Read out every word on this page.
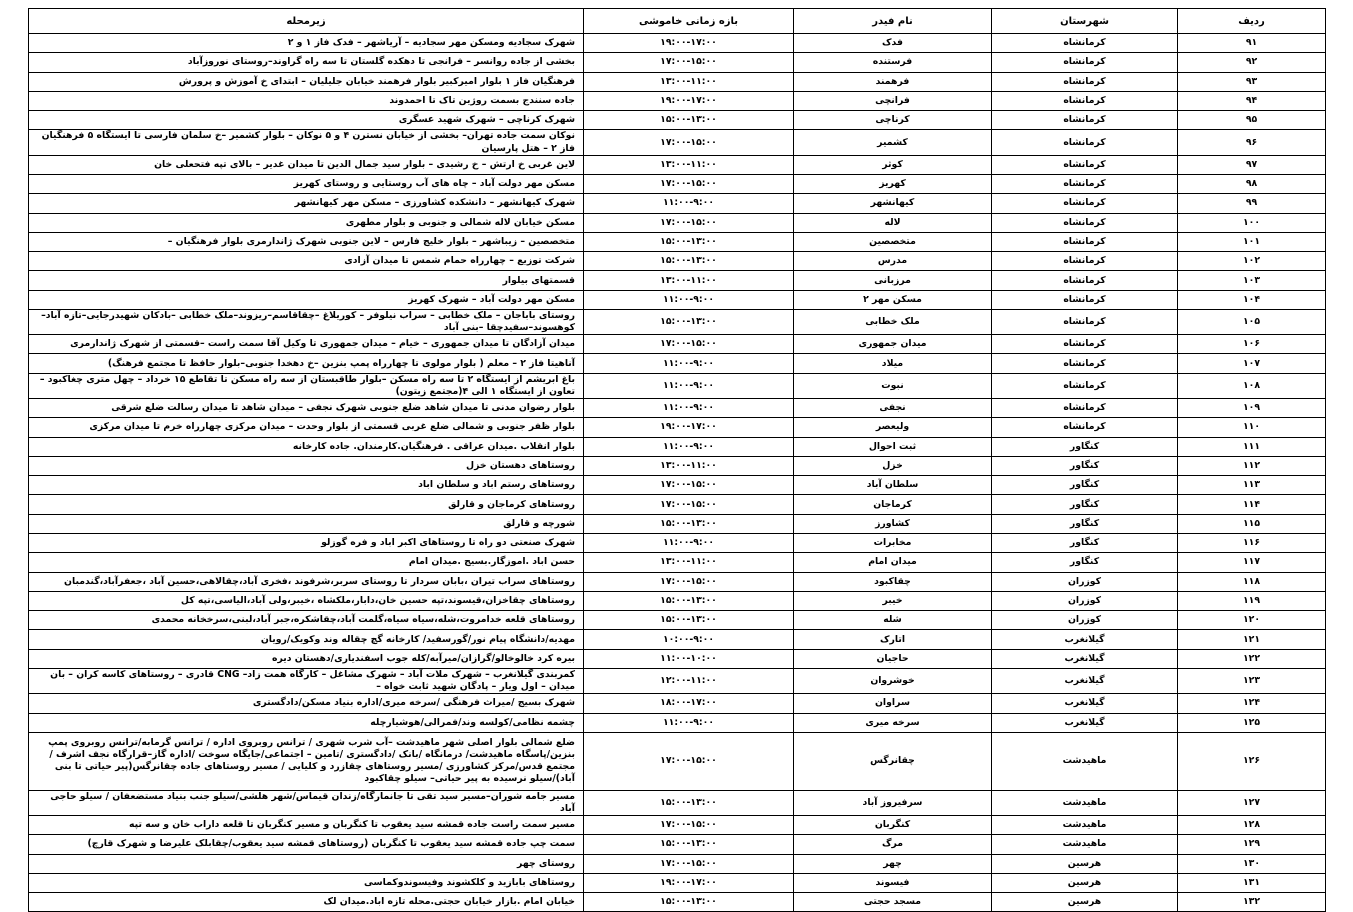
ردیف	شهرستان	نام فیدر	بازه زمانی خاموشی	زیرمحله
۹۱	کرمانشاه	فدک	۱۹:۰۰-۱۷:۰۰	شهرک سجادیه ومسکن مهر سجادیه – آریاشهر – فدک فاز ۱ و ۲
۹۲	کرمانشاه	فرستنده	۱۷:۰۰-۱۵:۰۰	بخشی از جاده روانسر – فرانجی تا دهکده گلستان تا سه راه گراوند–روستای نوروزآباد
۹۳	کرمانشاه	فرهمند	۱۳:۰۰-۱۱:۰۰	فرهنگیان فاز ۱ بلوار امیرکبیر بلوار فرهمند خیابان جلیلیان – ابتدای خ آموزش و پرورش
۹۴	کرمانشاه	فرانچی	۱۹:۰۰-۱۷:۰۰	جاده سنندج بسمت روژین تاک تا احمدوند
۹۵	کرمانشاه	کرناچی	۱۵:۰۰-۱۳:۰۰	شهرک کرناچی – شهرک شهید عسگری
۹۶	کرمانشاه	کشمیر	۱۷:۰۰-۱۵:۰۰	نوکان سمت جاده تهران– بخشی از خیابان نسترن ۴ و ۵ نوکان – بلوار کشمیر –خ سلمان فارسی تا ایستگاه ۵ فرهنگیان فاز ۲ – هتل پارسیان
۹۷	کرمانشاه	کوثر	۱۳:۰۰-۱۱:۰۰	لاین غربی خ ارتش – خ رشیدی – بلوار سید جمال الدین تا میدان غدیر – بالای تپه فتحعلی خان
۹۸	کرمانشاه	کهریز	۱۷:۰۰-۱۵:۰۰	مسکن مهر دولت آباد – چاه های آب روستایی و روستای کهریز
۹۹	کرمانشاه	کیهانشهر	۱۱:۰۰-۹:۰۰	شهرک کیهانشهر – دانشکده کشاورزی – مسکن مهر کیهانشهر
۱۰۰	کرمانشاه	لاله	۱۷:۰۰-۱۵:۰۰	مسکن خیابان لاله شمالی و جنوبی و بلوار مطهری
۱۰۱	کرمانشاه	متخصصین	۱۵:۰۰-۱۳:۰۰	متخصصین – زیباشهر – بلوار خلیج فارس – لاین جنوبی شهرک ژاندارمری بلوار فرهنگیان –
۱۰۲	کرمانشاه	مدرس	۱۵:۰۰-۱۳:۰۰	شرکت توزیع – چهارراه حمام شمس تا میدان آزادی
۱۰۳	کرمانشاه	مرزبانی	۱۳:۰۰-۱۱:۰۰	قسمتهای بیلوار
۱۰۴	کرمانشاه	مسکن مهر ۲	۱۱:۰۰-۹:۰۰	مسکن مهر دولت آباد – شهرک کهریز
۱۰۵	کرمانشاه	ملک خطابی	۱۵:۰۰-۱۳:۰۰	روستای باباجان – ملک خطابی – سراب نیلوفر – کوریلاغ –چقاقاسم–ریزوند–ملک خطابی –بادکان شهیدرجایی–تازه آباد–کوهسوند–سفیدچقا –بنی آباد
۱۰۶	کرمانشاه	میدان جمهوری	۱۷:۰۰-۱۵:۰۰	میدان آزادگان تا میدان جمهوری – خیام – میدان جمهوری تا وکیل آقا سمت راست –قسمتی از شهرک ژاندارمری
۱۰۷	کرمانشاه	میلاد	۱۱:۰۰-۹:۰۰	آناهیتا فاز ۲ – معلم ( بلوار مولوی تا چهارراه پمپ بنزین –خ دهخدا جنوبی–بلوار حافظ تا مجتمع فرهنگ)
۱۰۸	کرمانشاه	نبوت	۱۱:۰۰-۹:۰۰	باغ ابریشم از ایستگاه ۲ تا سه راه مسکن –بلوار طاقبستان از سه راه مسکن تا تقاطع ۱۵ خرداد – چهل متری چغاکبود –تعاون از ایستگاه ۱ الی ۴(مجتمع زیتون)
۱۰۹	کرمانشاه	نجفی	۱۱:۰۰-۹:۰۰	بلوار رضوان مدنی تا میدان شاهد ضلع جنوبی شهرک نجفی – میدان شاهد تا میدان رسالت ضلع شرقی
۱۱۰	کرمانشاه	ولیعصر	۱۹:۰۰-۱۷:۰۰	بلوار ظفر جنوبی و شمالی ضلع غربی قسمتی از بلوار وحدت – میدان مرکزی چهارراه خرم تا میدان مرکزی
۱۱۱	کنگاور	ثبت احوال	۱۱:۰۰-۹:۰۰	بلوار انقلاب .میدان عراقی . فرهنگیان.کارمندان. جاده کارخانه
۱۱۲	کنگاور	خزل	۱۳:۰۰-۱۱:۰۰	روستاهای دهستان خزل
۱۱۳	کنگاور	سلطان آباد	۱۷:۰۰-۱۵:۰۰	روستاهای رستم اباد و سلطان اباد
۱۱۴	کنگاور	کرماجان	۱۷:۰۰-۱۵:۰۰	روستاهای کرماجان و قارلق
۱۱۵	کنگاور	کشاورز	۱۵:۰۰-۱۳:۰۰	شورچه و قارلق
۱۱۶	کنگاور	مخابرات	۱۱:۰۰-۹:۰۰	شهرک صنعتی دو راه تا روستاهای اکبر اباد و فره گوزلو
۱۱۷	کنگاور	میدان امام	۱۳:۰۰-۱۱:۰۰	حسن اباد .اموزگار.بسیج .میدان امام
۱۱۸	کوزران	چقاکبود	۱۷:۰۰-۱۵:۰۰	روستاهای سراب تیران ،بابان سردار تا روستای سربر،شرفوند ،فخری آباد،چقالاهی،حسین آباد ،جعفرآباد،گندمبان
۱۱۹	کوزران	خیبر	۱۵:۰۰-۱۳:۰۰	روستاهای چقاخزان،قیسوند،تپه حسین خان،دابار،ملکشاه ،خیبر،ولی آباد،الیاسی،تپه کل
۱۲۰	کوزران	شله	۱۵:۰۰-۱۳:۰۰	روستاهای قلعه خدامروت،شله،سیاه سیاه،گلمت آباد،چقاشکره،جبر آباد،لبنی،سرخخانه محمدی
۱۲۱	گیلانغرب	اتارک	۱۰:۰۰-۹:۰۰	مهدیه/دانشگاه پیام نور/گورسفید/ کارخانه گچ چقاله وند وکویک/رویان
۱۲۲	گیلانغرب	حاجیان	۱۱:۰۰-۱۰:۰۰	بیره کرد خالوخالو/گرازان/میرآبه/کله جوب اسفندیاری/دهستان دیره
۱۲۳	گیلانغرب	خوشروان	۱۲:۰۰-۱۱:۰۰	کمربندی گیلانغرب – شهرک ملات آباد – شهرک مشاغل – کارگاه همت زاد– CNG قادری – روستاهای کاسه کران – بان میدان – اول ویار – پادگان شهید ثابت خواه –
۱۲۴	گیلانغرب	سراوان	۱۸:۰۰-۱۷:۰۰	شهرک بسیج /میراث فرهنگی /سرخه میری/اداره بنیاد مسکن/دادگستری
۱۲۵	گیلانغرب	سرخه میری	۱۱:۰۰-۹:۰۰	چشمه نظامی/کولسه وند/فمرالی/هوشیارچله
۱۲۶	ماهیدشت	چقانرگس	۱۷:۰۰-۱۵:۰۰	ضلع شمالی بلوار اصلی شهر ماهیدشت –آب شرب شهری / ترانس روبروی اداره / ترانس گرمابه/ترانس روبروی پمپ بنزین/پاسگاه ماهیدشت/ درمانگاه /بانک /دادگستری /تامین – اجتماعی/جایگاه سوخت /اداره گاز–قرارگاه نجف اشرف /مجتمع قدس/مرکز کشاورزی /مسیر روستاهای چقازرد و کلیایی / مسیر روستاهای جاده چقانرگس(پیر حیاتی تا بنی آباد)/سیلو نرسیده به پیر حیاتی– سیلو چقاکبود
۱۲۷	ماهیدشت	سرفیروز آباد	۱۵:۰۰-۱۳:۰۰	مسیر جامه شوران–مسیر سید تقی تا جانمارگاه/زندان قیماس/شهر هلشی/سیلو جنب بنیاد مستضعفان / سیلو حاجی آباد
۱۲۸	ماهیدشت	کنگربان	۱۷:۰۰-۱۵:۰۰	مسیر سمت راست جاده قمشه سید یعقوب تا کنگربان و مسیر کنگربان تا قلعه داراب خان و سه تپه
۱۲۹	ماهیدشت	مرگ	۱۵:۰۰-۱۳:۰۰	سمت چپ جاده قمشه سید یعقوب تا کنگربان (روستاهای قمشه سید یعقوب/چقابلک علیرضا و شهرک قارچ)
۱۳۰	هرسین	چهر	۱۷:۰۰-۱۵:۰۰	روستای چهر
۱۳۱	هرسین	فیسوند	۱۹:۰۰-۱۷:۰۰	روستاهای بابازید و کلکشوند وفیسوندوکماسی
۱۳۲	هرسین	مسجد حجتی	۱۵:۰۰-۱۳:۰۰	خیابان امام .بازار خیابان حجتی.محله تازه اباد.میدان لک
